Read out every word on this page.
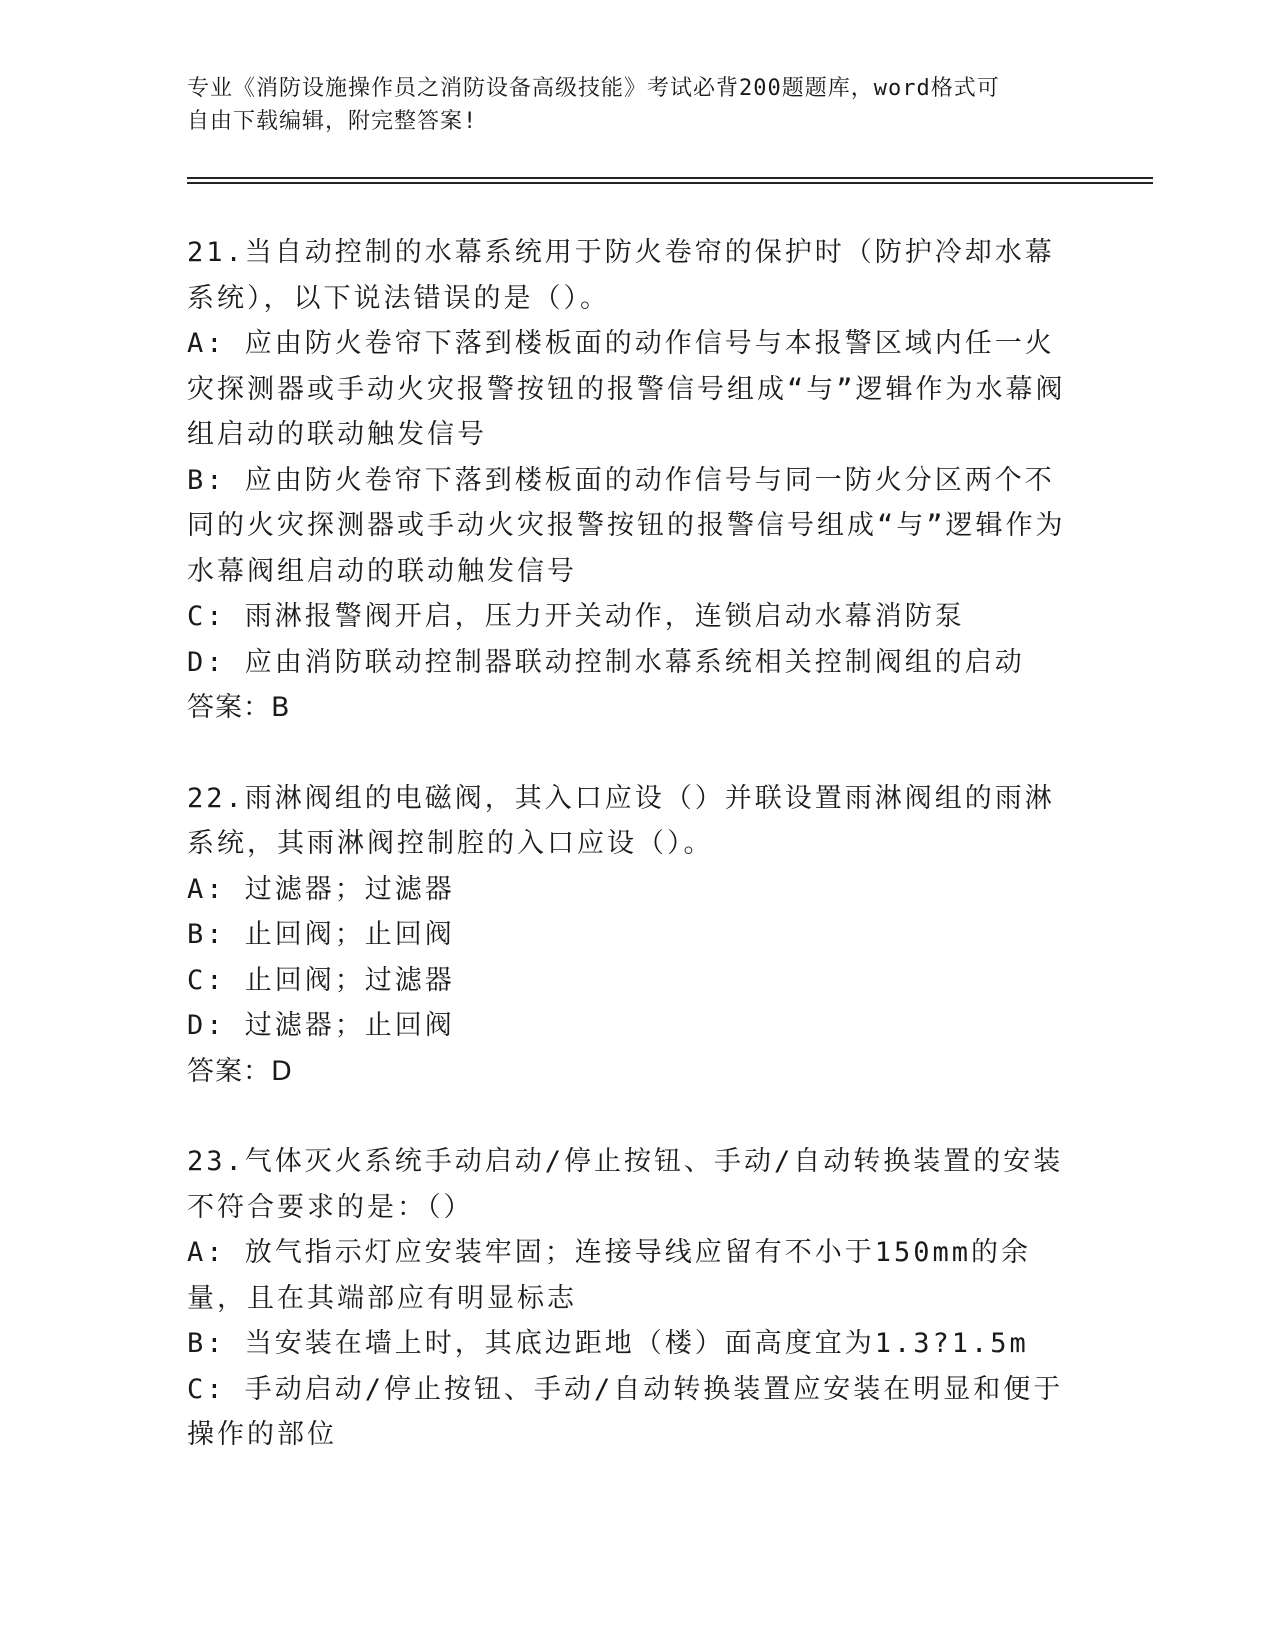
专业《消防设施操作员之消防设备高级技能》考试必背200题题库，word格式可
自由下载编辑，附完整答案!

21.当自动控制的水幕系统用于防火卷帘的保护时（防护冷却水幕系统），以下说法错误的是（）。

A: 应由防火卷帘下落到楼板面的动作信号与本报警区域内任一火灾探测器或手动火灾报警按钮的报警信号组成“与”逻辑作为水幕阀组启动的联动触发信号

B: 应由防火卷帘下落到楼板面的动作信号与同一防火分区两个不同的火灾探测器或手动火灾报警按钮的报警信号组成“与”逻辑作为水幕阀组启动的联动触发信号

C: 雨淋报警阀开启，压力开关动作，连锁启动水幕消防泵

D: 应由消防联动控制器联动控制水幕系统相关控制阀组的启动

答案：B

22.雨淋阀组的电磁阀，其入口应设（）并联设置雨淋阀组的雨淋系统，其雨淋阀控制腔的入口应设（）。

A: 过滤器；过滤器

B: 止回阀；止回阀

C: 止回阀；过滤器

D: 过滤器；止回阀

答案：D

23.气体灭火系统手动启动/停止按钮、手动/自动转换装置的安装不符合要求的是：（）

A: 放气指示灯应安装牢固；连接导线应留有不小于150mm的余量，且在其端部应有明显标志

B: 当安装在墙上时，其底边距地（楼）面高度宜为1.3?1.5m

C: 手动启动/停止按钮、手动/自动转换装置应安装在明显和便于操作的部位
